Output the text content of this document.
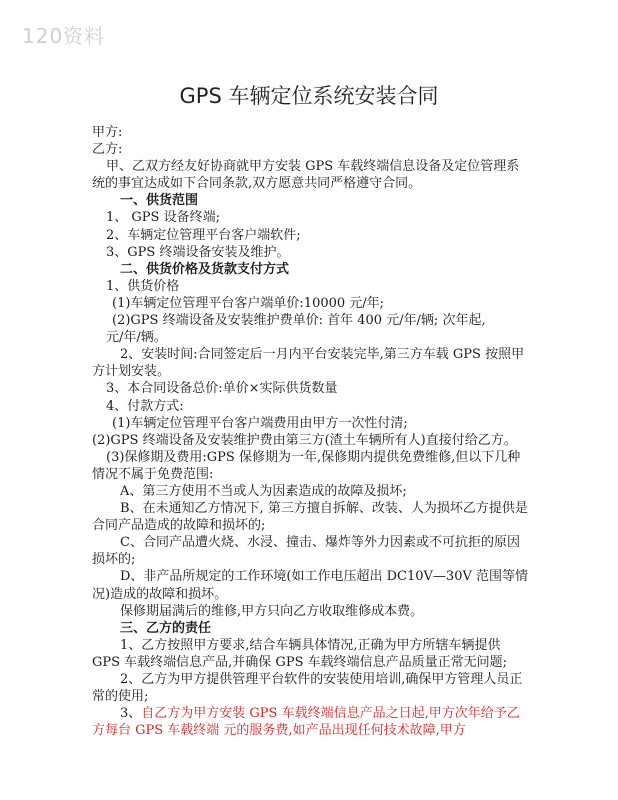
120资料
GPS 车辆定位系统安装合同

甲方:

乙方:

甲、乙双方经友好协商就甲方安装 GPS 车载终端信息设备及定位管理系统的事宜达成如下合同条款,双方愿意共同严格遵守合同。

一、供货范围

1、 GPS 设备终端;

2、车辆定位管理平台客户端软件;

3、GPS 终端设备安装及维护。

二、供货价格及货款支付方式

1、供货价格

(1)车辆定位管理平台客户端单价:10000 元/年;

(2)GPS 终端设备及安装维护费单价: 首年 400 元/年/辆; 次年起,

元/年/辆。

2、安装时间:合同签定后一月内平台安装完毕,第三方车载 GPS 按照甲方计划安装。

3、本合同设备总价:单价×实际供货数量

4、付款方式:

(1)车辆定位管理平台客户端费用由甲方一次性付清;

(2)GPS 终端设备及安装维护费由第三方(渣土车辆所有人)直接付给乙方。

(3)保修期及费用:GPS 保修期为一年,保修期内提供免费维修,但以下几种情况不属于免费范围:

A、第三方使用不当或人为因素造成的故障及损坏;

B、在未通知乙方情况下, 第三方擅自拆解、改装、人为损坏乙方提供是合同产品造成的故障和损坏的;

C、合同产品遭火烧、水浸、撞击、爆炸等外力因素或不可抗拒的原因损坏的;

D、非产品所规定的工作环境(如工作电压超出 DC10V—30V 范围等情况)造成的故障和损坏。

保修期届满后的维修,甲方只向乙方收取维修成本费。

三、乙方的责任

1、乙方按照甲方要求,结合车辆具体情况,正确为甲方所辖车辆提供 GPS 车载终端信息产品,并确保 GPS 车载终端信息产品质量正常无问题;

2、乙方为甲方提供管理平台软件的安装使用培训,确保甲方管理人员正常的使用;

3、自乙方为甲方安装 GPS 车载终端信息产品之日起,甲方次年给予乙方每台 GPS 车载终端 元的服务费,如产品出现任何技术故障,甲方
